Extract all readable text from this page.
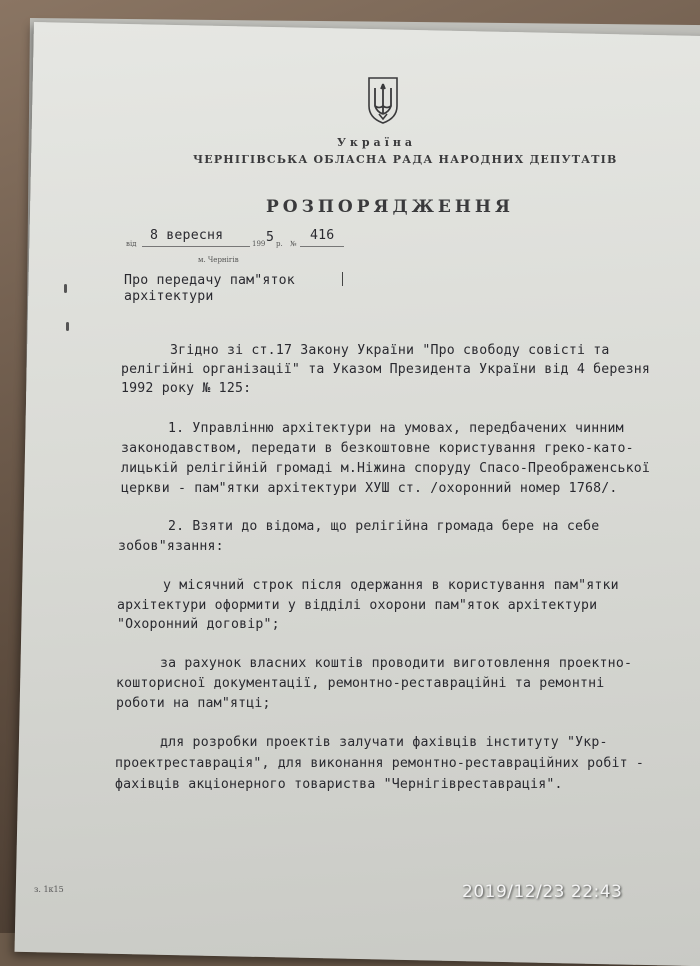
Україна
ЧЕРНІГІВСЬКА ОБЛАСНА РАДА НАРОДНИХ ДЕПУТАТІВ
РОЗПОРЯДЖЕННЯ
від
8 вересня
199 5 р. №
416
м. Чернігів
Про передачу пам"яток
архітектури
Згідно зі ст.17 Закону України "Про свободу совісті та
релігійні організації" та Указом Президента України від 4 березня
1992 року № 125:
1. Управлінню архітектури на умовах, передбачених чинним
законодавством, передати в безкоштовне користування греко-като-
лицькій релігійній громаді м.Ніжина споруду Спасо-Преображенської
церкви - пам"ятки архітектури ХУШ ст. /охоронний номер 1768/.
2. Взяти до відома, що релігійна громада бере на себе
зобов"язання:
у місячний строк після одержання в користування пам"ятки
архітектури оформити у відділі охорони пам"яток архітектури
"Охоронний договір";
за рахунок власних коштів проводити виготовлення проектно-
кошторисної документації, ремонтно-реставраційні та ремонтні
роботи на пам"ятці;
для розробки проектів залучати фахівців інституту "Укр-
проектреставрація", для виконання ремонтно-реставраційних робіт -
фахівців акціонерного товариства "Чернігівреставрація".
з. 1к15	2019/12/23 22:43
